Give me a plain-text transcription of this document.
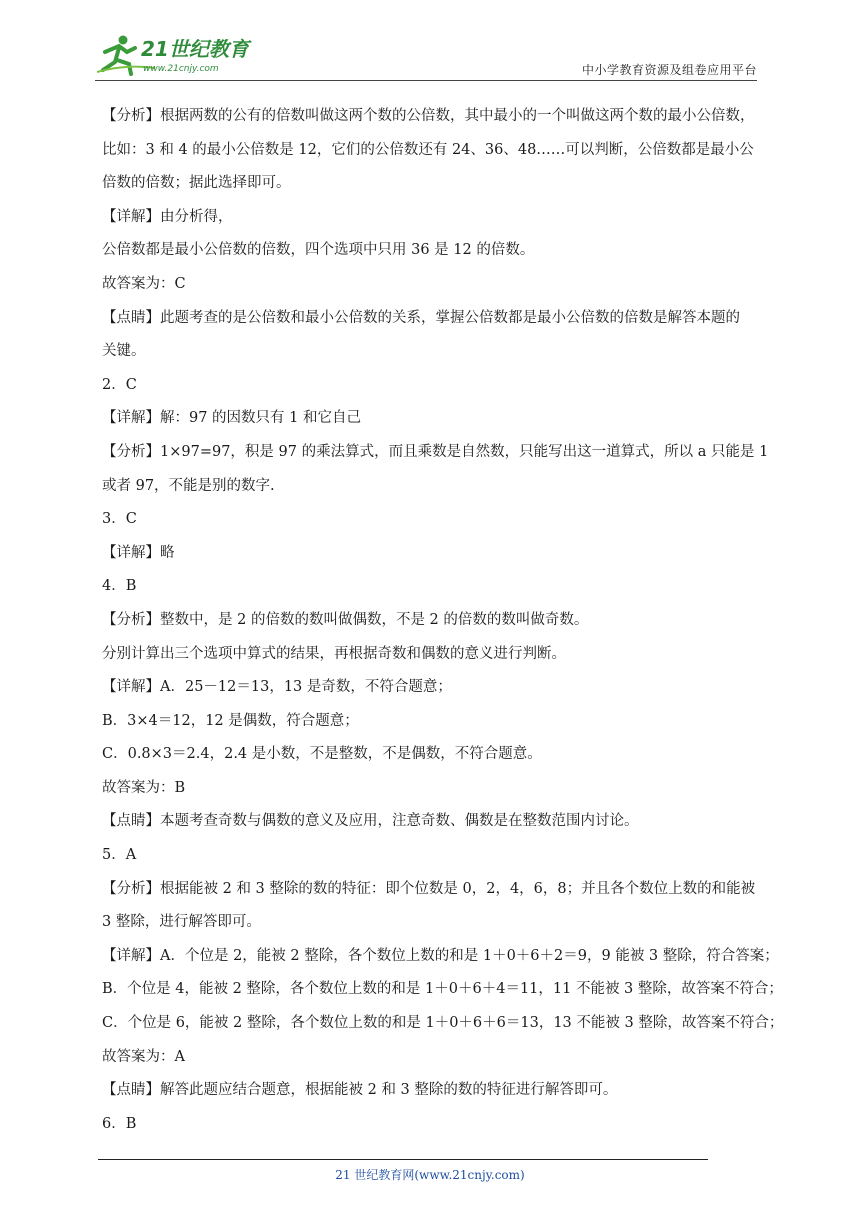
21世纪教育
www.21cnjy.com	中小学教育资源及组卷应用平台
【分析】根据两数的公有的倍数叫做这两个数的公倍数，其中最小的一个叫做这两个数的最小公倍数，
比如：3 和 4 的最小公倍数是 12，它们的公倍数还有 24、36、48……可以判断，公倍数都是最小公
倍数的倍数；据此选择即可。
【详解】由分析得，
公倍数都是最小公倍数的倍数，四个选项中只用 36 是 12 的倍数。
故答案为：C
【点睛】此题考查的是公倍数和最小公倍数的关系，掌握公倍数都是最小公倍数的倍数是解答本题的
关键。
2．C
【详解】解：97 的因数只有 1 和它自己
【分析】1×97=97，积是 97 的乘法算式，而且乘数是自然数，只能写出这一道算式，所以 a 只能是 1
或者 97，不能是别的数字.
3．C
【详解】略
4．B
【分析】整数中，是 2 的倍数的数叫做偶数，不是 2 的倍数的数叫做奇数。
分别计算出三个选项中算式的结果，再根据奇数和偶数的意义进行判断。
【详解】A．25－12＝13，13 是奇数，不符合题意；
B．3×4＝12，12 是偶数，符合题意；
C．0.8×3＝2.4，2.4 是小数，不是整数，不是偶数，不符合题意。
故答案为：B
【点睛】本题考查奇数与偶数的意义及应用，注意奇数、偶数是在整数范围内讨论。
5．A
【分析】根据能被 2 和 3 整除的数的特征：即个位数是 0，2，4，6，8；并且各个数位上数的和能被
3 整除，进行解答即可。
【详解】A．个位是 2，能被 2 整除，各个数位上数的和是 1＋0＋6＋2＝9，9 能被 3 整除，符合答案；
B．个位是 4，能被 2 整除，各个数位上数的和是 1＋0＋6＋4＝11，11 不能被 3 整除，故答案不符合；
C．个位是 6，能被 2 整除，各个数位上数的和是 1＋0＋6＋6＝13，13 不能被 3 整除，故答案不符合；
故答案为：A
【点睛】解答此题应结合题意，根据能被 2 和 3 整除的数的特征进行解答即可。
6．B
21 世纪教育网(www.21cnjy.com)
